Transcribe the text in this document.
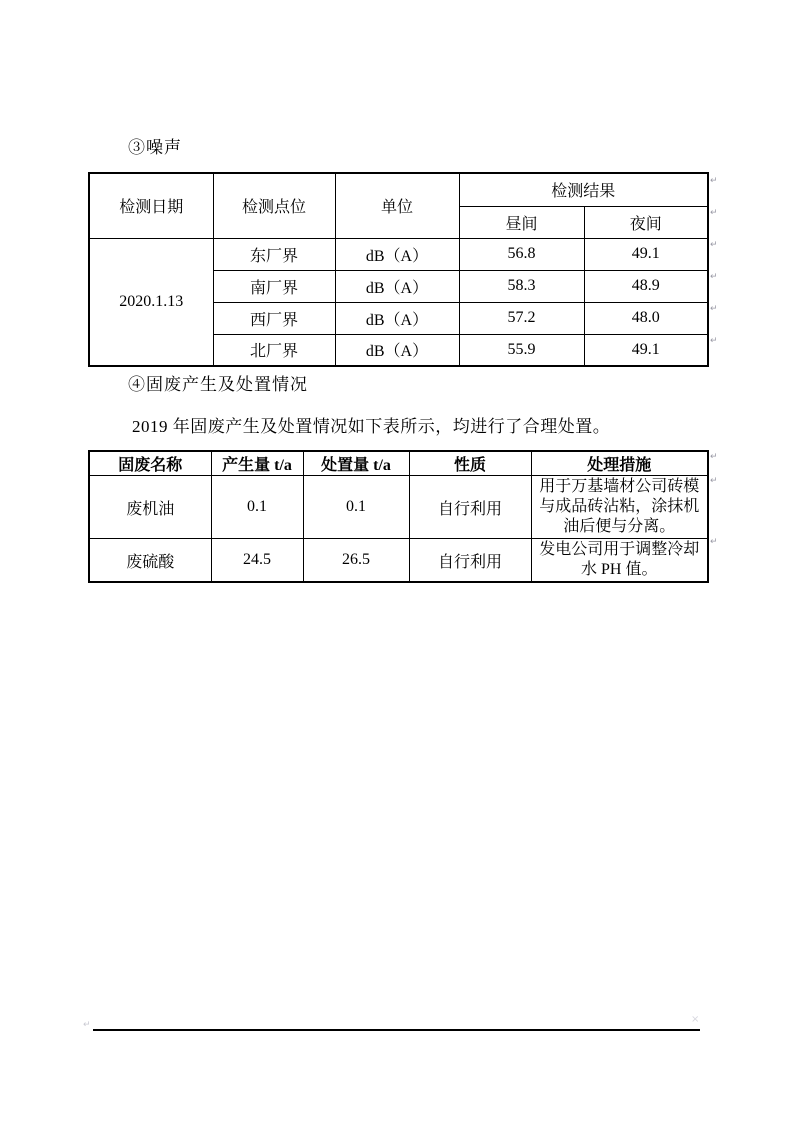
③噪声
检测日期	检测点位	单位	检测结果	
			昼间	夜间
2020.1.13	东厂界	dB（A）	56.8	49.1
	南厂界	dB（A）	58.3	48.9
	西厂界	dB（A）	57.2	48.0
	北厂界	dB（A）	55.9	49.1
↵
↵
↵
↵
↵
↵
④固废产生及处置情况
2019 年固废产生及处置情况如下表所示，均进行了合理处置。
固废名称	产生量 t/a	处置量 t/a	性质	处理措施
废机油	0.1	0.1	自行利用	用于万基墙材公司砖模与成品砖沾粘，涂抹机油后便与分离。
废硫酸	24.5	26.5	自行利用	发电公司用于调整冷却水 PH 值。
↵
↵
↵
↵	×
